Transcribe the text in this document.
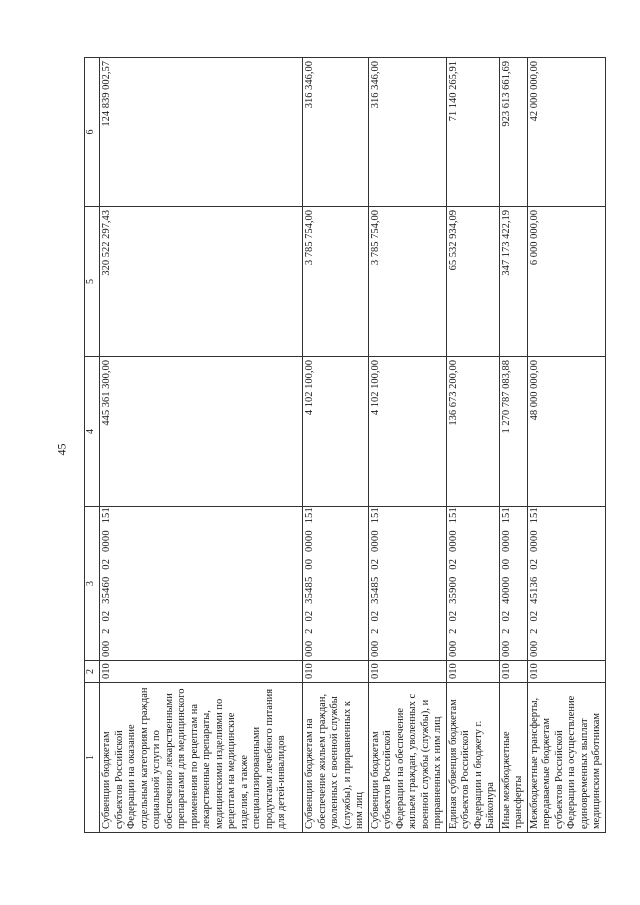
45
1	2	3	4	5	6
Субвенции бюджетам субъектов Российской Федерации на оказание отдельным категориям граждан социальной услуги по обеспечению лекарственными препаратами для медицинского применения по рецептам на лекарственные препараты, медицинскими изделиями по рецептам на медицинские изделия, а также специализированными продуктами лечебного питания для детей-инвалидов	010	000 2 02 35460 02 0000 151	445 361 300,00	320 522 297,43	124 839 002,57
Субвенции бюджетам на обеспечение жильем граждан, уволенных с военной службы (службы), и приравненных к ним лиц	010	000 2 02 35485 00 0000 151	4 102 100,00	3 785 754,00	316 346,00
Субвенции бюджетам субъектов Российской Федерации на обеспечение жильем граждан, уволенных с военной службы (службы), и приравненных к ним лиц	010	000 2 02 35485 02 0000 151	4 102 100,00	3 785 754,00	316 346,00
Единая субвенция бюджетам субъектов Российской Федерации и бюджету г. Байконура	010	000 2 02 35900 02 0000 151	136 673 200,00	65 532 934,09	71 140 265,91
Иные межбюджетные трансферты	010	000 2 02 40000 00 0000 151	1 270 787 083,88	347 173 422,19	923 613 661,69
Межбюджетные трансферты, передаваемые бюджетам субъектов Российской Федерации на осуществление единовременных выплат медицинским работникам	010	000 2 02 45136 02 0000 151	48 000 000,00	6 000 000,00	42 000 000,00
